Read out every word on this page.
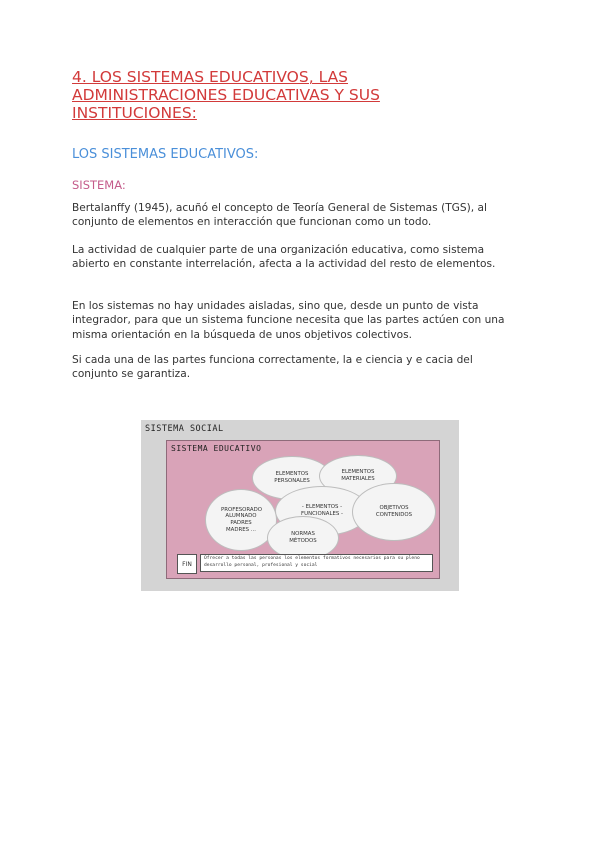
4. LOS SISTEMAS EDUCATIVOS, LAS ADMINISTRACIONES EDUCATIVAS Y SUS INSTITUCIONES:
LOS SISTEMAS EDUCATIVOS:
SISTEMA:

Bertalanffy (1945), acuñó el concepto de Teoría General de Sistemas (TGS), al conjunto de elementos en interacción que funcionan como un todo.

La actividad de cualquier parte de una organización educativa, como sistema abierto en constante interrelación, afecta a la actividad del resto de elementos.

En los sistemas no hay unidades aisladas, sino que, desde un punto de vista integrador, para que un sistema funcione necesita que las partes actúen con una misma orientación en la búsqueda de unos objetivos colectivos.

Si cada una de las partes funciona correctamente, la e ciencia y e cacia del conjunto se garantiza.

SISTEMA SOCIAL
SISTEMA EDUCATIVO
ELEMENTOS PERSONALES
ELEMENTOS MATERIALES
PROFESORADO ALUMNADO PADRES MADRES ...
- ELEMENTOS - FUNCIONALES -
OBJETIVOS CONTENIDOS
NORMAS MÉTODOS
FIN
Ofrecer a todas las personas los elementos formativos necesarios para su pleno desarrollo personal, profesional y social
